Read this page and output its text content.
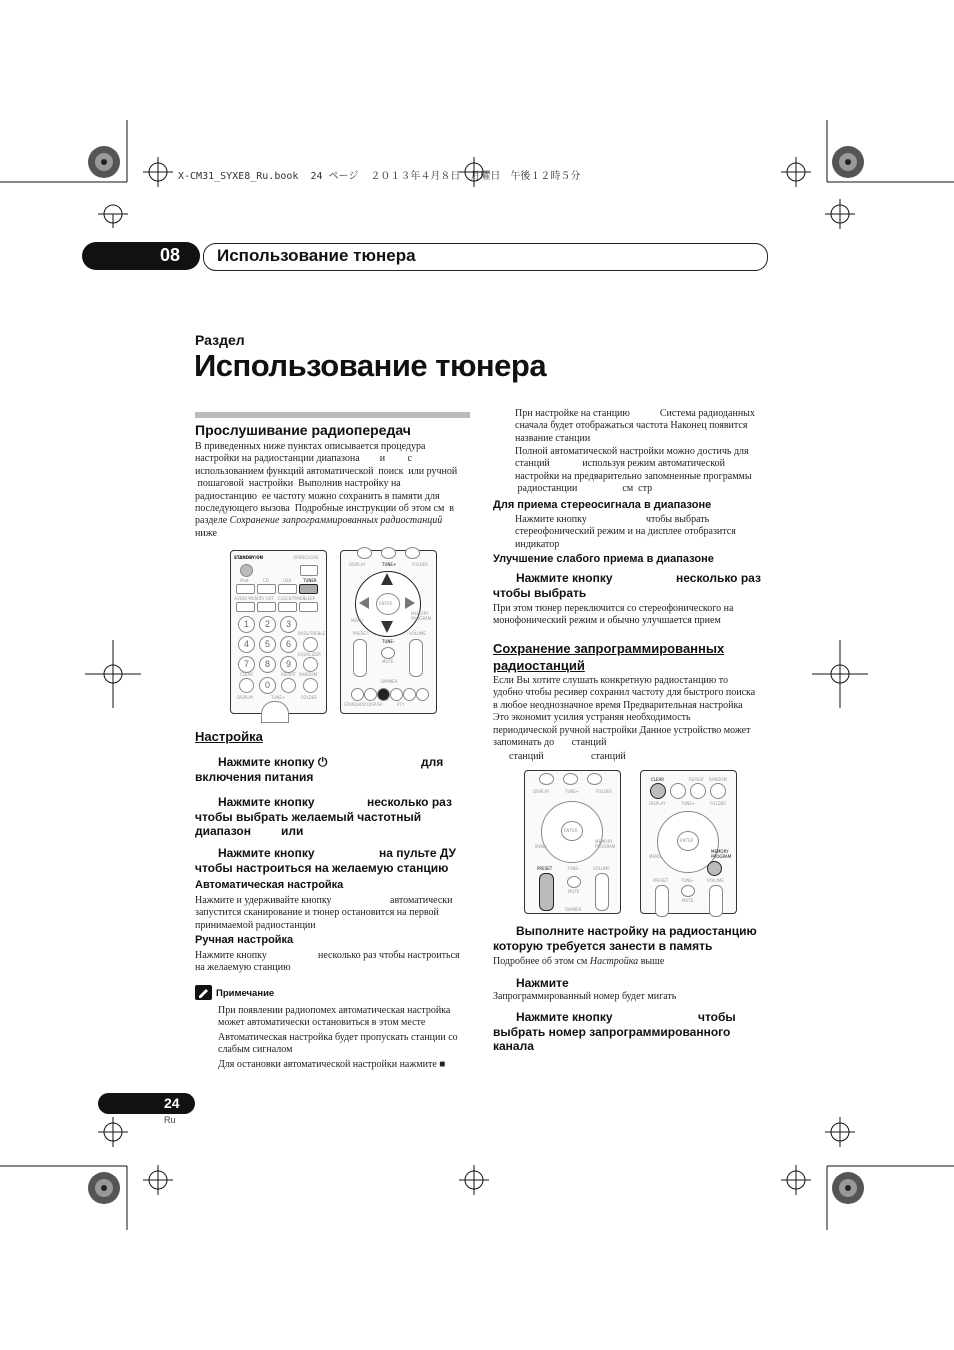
X-CM31_SYXE8_Ru.book  24 ページ  ２０１３年４月８日　月曜日　午後１２時５分
08 Использование тюнера
Раздел
Использование тюнера
Прослушивание радиопередач
В приведенных ниже пунктах описывается процедура
настройки на радиостанции диапазона        и         с
использованием функций автоматической  поиск  или ручной
пошаговой  настройки  Выполнив настройку на
радиостанцию  ее частоту можно сохранить в памяти для
последующего вызова  Подробные инструкции об этом см  в
разделе Сохранение запрограммированных радиостанций
ниже
STANDBY/ON	OPEN/CLOSE
iPod	CD	USB	TUNER
AUDIO MUSIC
TV OUT CLOCK/TIMER
SLEEP
1	2	3
BASS/TREBLE
4	5	6
EQUALIZER
7	8	9
CLEAR	REPEAT RANDOM
0
DISPLAY	TUNE+	FOLDER
DISPLAY	TUNE+	FOLDER
ENTER
MENU
MEMORY PROGRAM
TUNE–
PRESET	VOLUME
MUTE
DIMMER
STANDARD DISP/SP	PTY
Настройка
Нажмите кнопку ⏻	для
включения питания
Нажмите кнопку	несколько раз
чтобы выбрать желаемый частотный
диапазон	или
Нажмите кнопку	на пульте ДУ
чтобы настроиться на желаемую станцию
Автоматическая настройка
Нажмите и удерживайте кнопку	автоматически
запустится сканирование и тюнер остановится на первой
принимаемой радиостанции
Ручная настройка
Нажмите кнопку	несколько раз чтобы настроиться
на желаемую станцию
Примечание
При появлении радиопомех автоматическая настройка
может автоматически остановиться в этом месте
Автоматическая настройка будет пропускать станции со
слабым сигналом
Для остановки автоматической настройки нажмите ■
Прн настройке на станцию            Система радиоданных
сначала будет отображаться частота Наконец появится
название станции
Полной автоматической настройки можно достичь для
станций             используя режим автоматической
настройки на предварительно запомненные программы
радиостанции                  см  стр
Для приема стереосигнала в диапазоне
Нажмите кнопку	чтобы выбрать
стереофонический режим и на дисплее отобразится
индикатор
Улучшение слабого приема в диапазоне
Нажмите кнопку	несколько раз
чтобы выбрать
При этом тюнер переключится со стереофонического на
монофонический режим и обычно улучшается прием
Сохранение запрограммированных
радиостанций
Если Вы хотите слушать конкретную радиостанцию то
удобно чтобы ресивер сохранил частоту для быстрого поиска
в любое неоднозначное время Предварительная настройка
Это экономит усилия устраняя необходимость
периодической ручной настройки Данное устройство может
запоминать до       станций
станций	станций
DISPLAY	TUNE+	FOLDER
ENTER
MENU
MEMORY PROGRAM
PRESET	TUNE–	VOLUME
MUTE
DIMMER
CLEAR	REPEAT RANDOM
DISPLAY	TUNE+	FOLDER
ENTER
MENU
MEMORY PROGRAM
PRESET	TUNE–	VOLUME
MUTE
Выполните настройку на радиостанцию
которую требуется занести в память
Подробнее об этом см Настройка выше
Нажмите
Запрограммированный номер будет мигать
Нажмите кнопку	чтобы
выбрать номер запрограммированного
канала
24
Ru
